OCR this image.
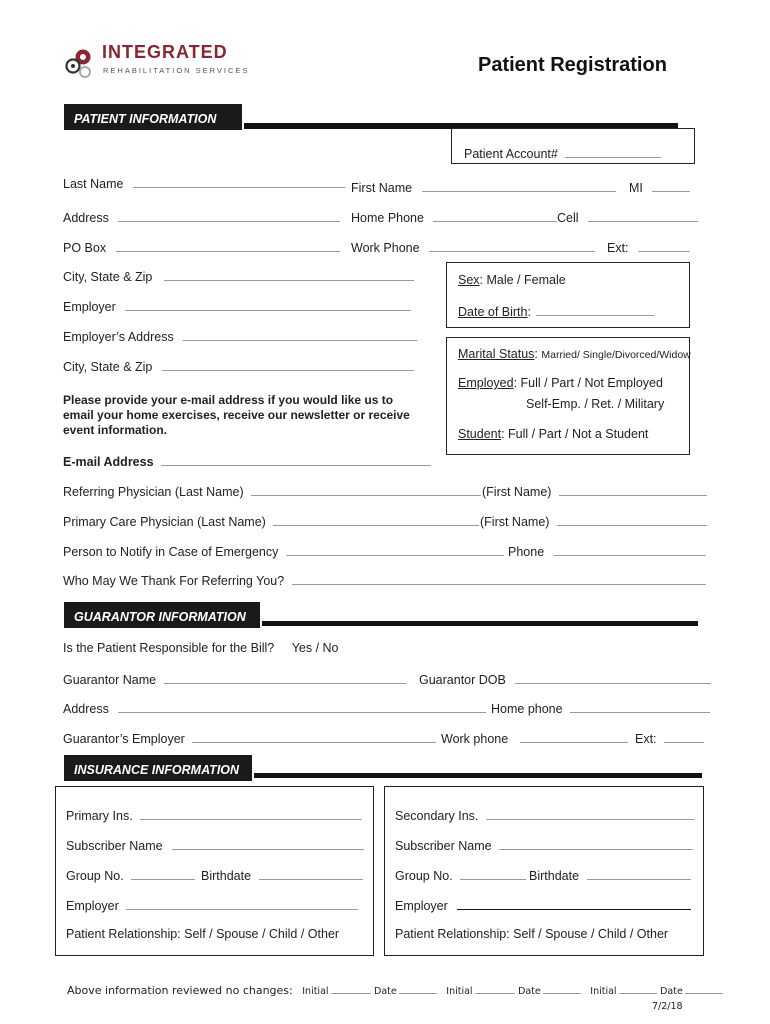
INTEGRATED
REHABILITATION SERVICES	Patient Registration
PATIENT INFORMATION
Patient Account#
Last Name	First Name	MI
Address	Home Phone	Cell
PO Box	Work Phone	Ext:
City, State & Zip
Employer
Employer’s Address
City, State & Zip
Sex: Male / Female
Date of Birth:
Marital Status: Married/ Single/Divorced/Widow
Employed: Full / Part / Not Employed
Self-Emp. / Ret. / Military
Student: Full / Part / Not a Student
Please provide your e-mail address if you would like us to email your home exercises, receive our newsletter or receive event information.
E-mail Address
Referring Physician (Last Name)	(First Name)
Primary Care Physician (Last Name)	(First Name)
Person to Notify in Case of Emergency	Phone
Who May We Thank For Referring You?
GUARANTOR INFORMATION
Is the Patient Responsible for the Bill? Yes / No
Guarantor Name	Guarantor DOB
Address	Home phone
Guarantor’s Employer	Work phone	Ext:
INSURANCE INFORMATION
Primary Ins.
Subscriber Name
Group No.	Birthdate
Employer
Patient Relationship: Self / Spouse / Child / Other
Secondary Ins.
Subscriber Name
Group No.	Birthdate
Employer
Patient Relationship: Self / Spouse / Child / Other
Above information reviewed no changes: Initial	Date	Initial	Date	Initial	Date
7/2/18
